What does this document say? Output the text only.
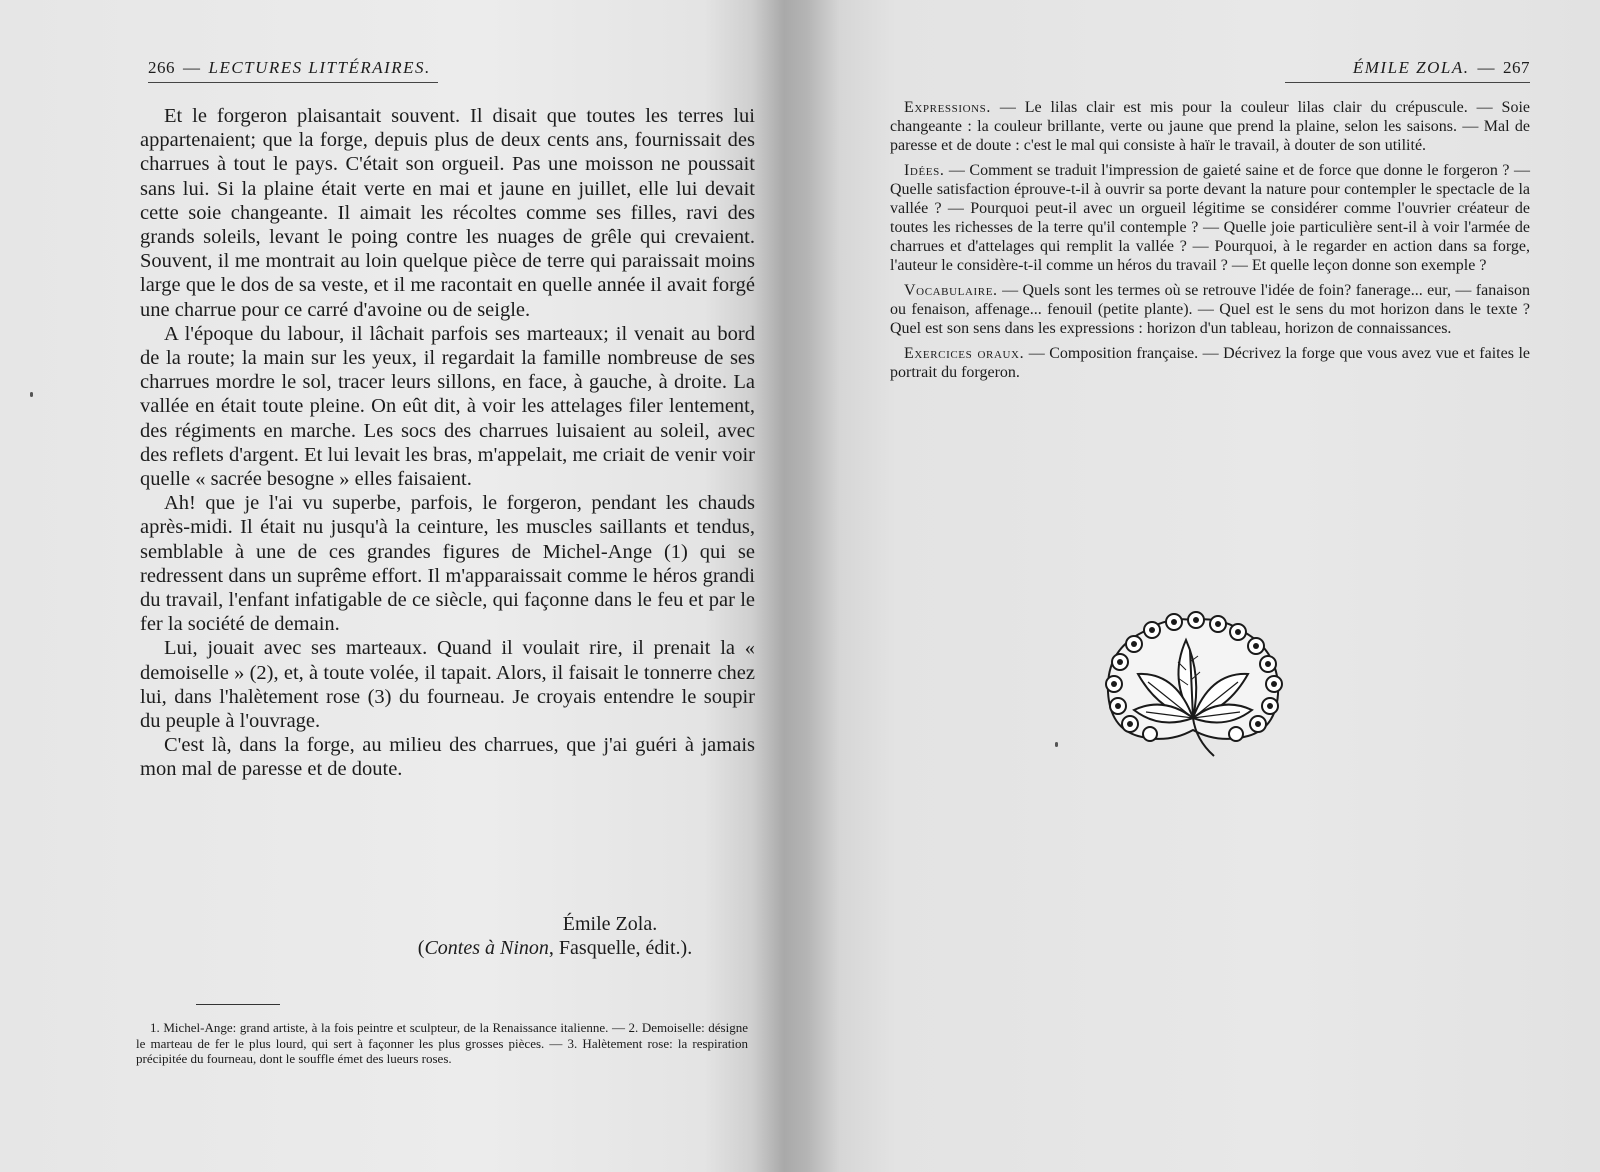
266 — LECTURES LITTÉRAIRES.

Et le forgeron plaisantait souvent. Il disait que toutes les terres lui appartenaient; que la forge, depuis plus de deux cents ans, fournissait des charrues à tout le pays. C'était son orgueil. Pas une moisson ne poussait sans lui. Si la plaine était verte en mai et jaune en juillet, elle lui devait cette soie changeante. Il aimait les récoltes comme ses filles, ravi des grands soleils, levant le poing contre les nuages de grêle qui crevaient. Souvent, il me montrait au loin quelque pièce de terre qui paraissait moins large que le dos de sa veste, et il me racontait en quelle année il avait forgé une charrue pour ce carré d'avoine ou de seigle.

A l'époque du labour, il lâchait parfois ses marteaux; il venait au bord de la route; la main sur les yeux, il regardait la famille nombreuse de ses charrues mordre le sol, tracer leurs sillons, en face, à gauche, à droite. La vallée en était toute pleine. On eût dit, à voir les attelages filer lentement, des régiments en marche. Les socs des charrues luisaient au soleil, avec des reflets d'argent. Et lui levait les bras, m'appelait, me criait de venir voir quelle « sacrée besogne » elles faisaient.

Ah! que je l'ai vu superbe, parfois, le forgeron, pendant les chauds après-midi. Il était nu jusqu'à la ceinture, les muscles saillants et tendus, semblable à une de ces grandes figures de Michel-Ange (1) qui se redressent dans un suprême effort. Il m'apparaissait comme le héros grandi du travail, l'enfant infatigable de ce siècle, qui façonne dans le feu et par le fer la société de demain.

Lui, jouait avec ses marteaux. Quand il voulait rire, il prenait la « demoiselle » (2), et, à toute volée, il tapait. Alors, il faisait le tonnerre chez lui, dans l'halètement rose (3) du fourneau. Je croyais entendre le soupir du peuple à l'ouvrage.

C'est là, dans la forge, au milieu des charrues, que j'ai guéri à jamais mon mal de paresse et de doute.

Émile Zola.
(Contes à Ninon, Fasquelle, édit.).

1. Michel-Ange: grand artiste, à la fois peintre et sculpteur, de la Renaissance italienne. — 2. Demoiselle: désigne le marteau de fer le plus lourd, qui sert à façonner les plus grosses pièces. — 3. Halètement rose: la respiration précipitée du fourneau, dont le souffle émet des lueurs roses.

ÉMILE ZOLA. — 267

Expressions. — Le lilas clair est mis pour la couleur lilas clair du crépuscule. — Soie changeante : la couleur brillante, verte ou jaune que prend la plaine, selon les saisons. — Mal de paresse et de doute : c'est le mal qui consiste à haïr le travail, à douter de son utilité.

Idées. — Comment se traduit l'impression de gaieté saine et de force que donne le forgeron ? — Quelle satisfaction éprouve-t-il à ouvrir sa porte devant la nature pour contempler le spectacle de la vallée ? — Pourquoi peut-il avec un orgueil légitime se considérer comme l'ouvrier créateur de toutes les richesses de la terre qu'il contemple ? — Quelle joie particulière sent-il à voir l'armée de charrues et d'attelages qui remplit la vallée ? — Pourquoi, à le regarder en action dans sa forge, l'auteur le considère-t-il comme un héros du travail ? — Et quelle leçon donne son exemple ?

Vocabulaire. — Quels sont les termes où se retrouve l'idée de foin? fanerage... eur, — fanaison ou fenaison, affenage... fenouil (petite plante). — Quel est le sens du mot horizon dans le texte ? Quel est son sens dans les expressions : horizon d'un tableau, horizon de connaissances.

Exercices oraux. — Composition française. — Décrivez la forge que vous avez vue et faites le portrait du forgeron.
